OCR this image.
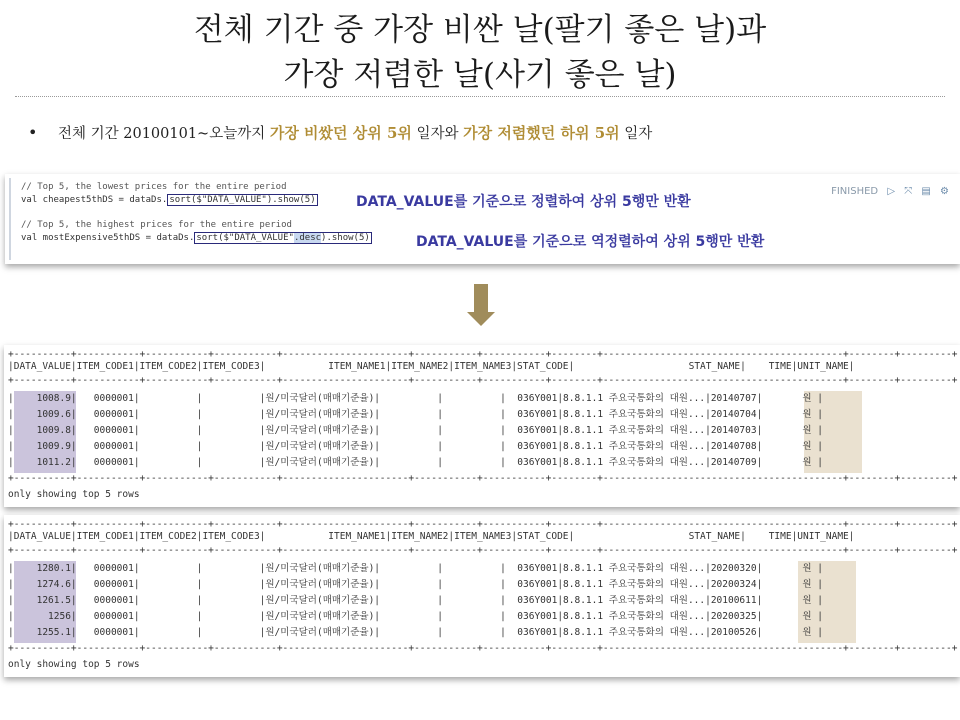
전체 기간 중 가장 비싼 날(팔기 좋은 날)과
가장 저렴한 날(사기 좋은 날)
• 전체 기간 20100101~오늘까지 가장 비쌌던 상위 5위 일자와 가장 저렴했던 하위 5위 일자
// Top 5, the lowest prices for the entire period
val cheapest5thDS = dataDs. sort($"DATA_VALUE").show(5)	DATA_VALUE를 기준으로 정렬하여 상위 5행만 반환
// Top 5, the highest prices for the entire period
val mostExpensive5thDS = dataDs. sort($"DATA_VALUE".desc).show(5)	DATA_VALUE를 기준으로 역정렬하여 상위 5행만 반환
FINISHED ▷ ⤧ ▤ ⚙
+----------+-----------+-----------+-----------+----------------------+-----------+-----------+--------+------------------------------------------+--------+---------+
|DATA_VALUE|ITEM_CODE1|ITEM_CODE2|ITEM_CODE3|           ITEM_NAME1|ITEM_NAME2|ITEM_NAME3|STAT_CODE|                    STAT_NAME|    TIME|UNIT_NAME|
+----------+-----------+-----------+-----------+----------------------+-----------+-----------+--------+------------------------------------------+--------+---------+
|    1008.9|   0000001|          |          |원/미국달러(매매기준율)|          |          |  036Y001|8.8.1.1 주요국통화의 대원...|20140707|       원 |
|    1009.6|   0000001|          |          |원/미국달러(매매기준율)|          |          |  036Y001|8.8.1.1 주요국통화의 대원...|20140704|       원 |
|    1009.8|   0000001|          |          |원/미국달러(매매기준율)|          |          |  036Y001|8.8.1.1 주요국통화의 대원...|20140703|       원 |
|    1009.9|   0000001|          |          |원/미국달러(매매기준율)|          |          |  036Y001|8.8.1.1 주요국통화의 대원...|20140708|       원 |
|    1011.2|   0000001|          |          |원/미국달러(매매기준율)|          |          |  036Y001|8.8.1.1 주요국통화의 대원...|20140709|       원 |
+----------+-----------+-----------+-----------+----------------------+-----------+-----------+--------+------------------------------------------+--------+---------+
only showing top 5 rows
+----------+-----------+-----------+-----------+----------------------+-----------+-----------+--------+------------------------------------------+--------+---------+
|DATA_VALUE|ITEM_CODE1|ITEM_CODE2|ITEM_CODE3|           ITEM_NAME1|ITEM_NAME2|ITEM_NAME3|STAT_CODE|                    STAT_NAME|    TIME|UNIT_NAME|
+----------+-----------+-----------+-----------+----------------------+-----------+-----------+--------+------------------------------------------+--------+---------+
|    1280.1|   0000001|          |          |원/미국달러(매매기준율)|          |          |  036Y001|8.8.1.1 주요국통화의 대원...|20200320|       원 |
|    1274.6|   0000001|          |          |원/미국달러(매매기준율)|          |          |  036Y001|8.8.1.1 주요국통화의 대원...|20200324|       원 |
|    1261.5|   0000001|          |          |원/미국달러(매매기준율)|          |          |  036Y001|8.8.1.1 주요국통화의 대원...|20100611|       원 |
|      1256|   0000001|          |          |원/미국달러(매매기준율)|          |          |  036Y001|8.8.1.1 주요국통화의 대원...|20200325|       원 |
|    1255.1|   0000001|          |          |원/미국달러(매매기준율)|          |          |  036Y001|8.8.1.1 주요국통화의 대원...|20100526|       원 |
+----------+-----------+-----------+-----------+----------------------+-----------+-----------+--------+------------------------------------------+--------+---------+
only showing top 5 rows
